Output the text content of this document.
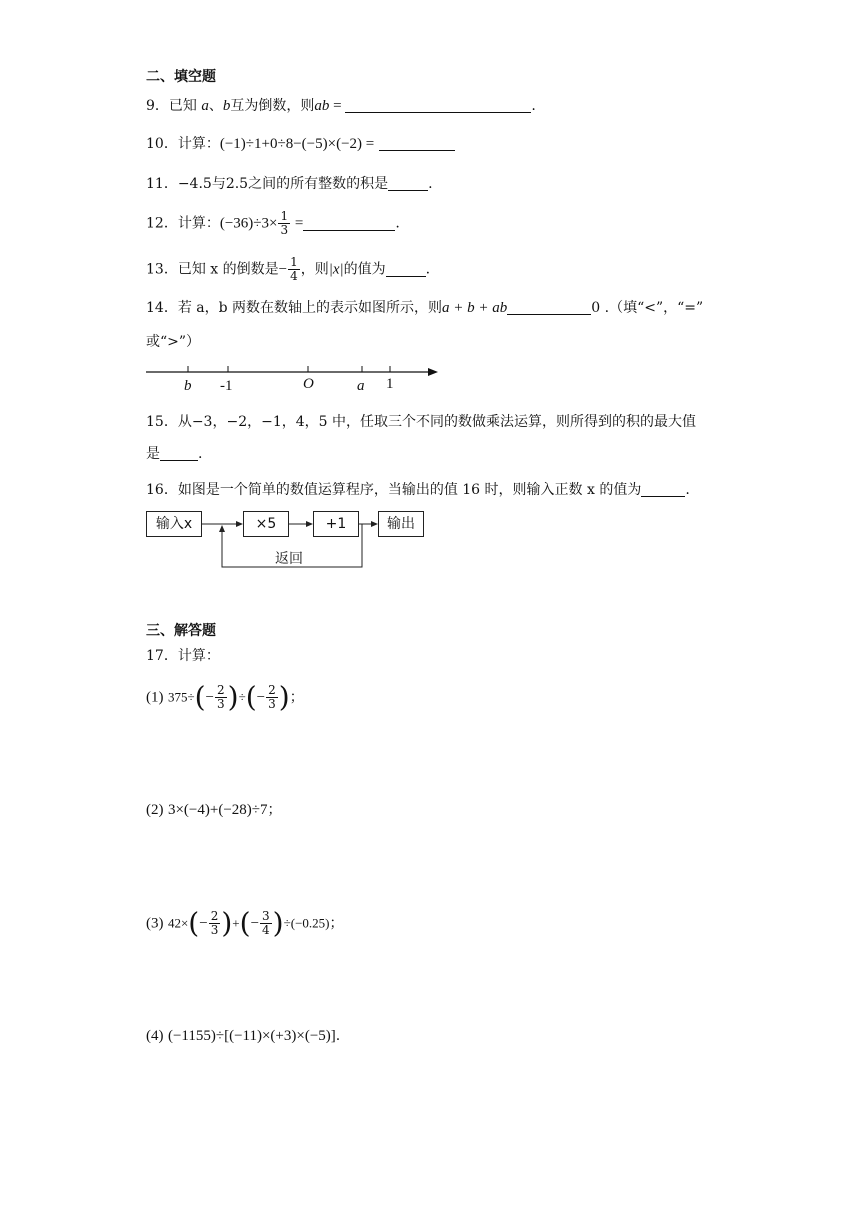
二、填空题
9．已知 a、b互为倒数，则ab =	.
10．计算：(−1)÷1+0÷8−(−5)×(−2) =
11．−4.5与2.5之间的所有整数的积是	.
12．计算：$(-36)\div 3\times \frac{1}{3}$ =	.
13．已知 x 的倒数是− $\frac{1}{4}$ ，则|x|的值为	.
14．若 a，b 两数在数轴上的表示如图所示，则a + b + ab	0 .（填“<”，“=”
或“>”）
b -1	O	a 1
15．从−3，−2，−1，4，5 中，任取三个不同的数做乘法运算，则所得到的积的最大值
是	.
16．如图是一个简单的数值运算程序，当输出的值 16 时，则输入正数 x 的值为	.
输入x	×5	+1	输出
返回
三、解答题
17．计算：
(1) $375\div(- \frac{2}{3}$ )÷(− $\frac{2}{3}$ )；
(2) 3×(−4)+(−28)÷7；
(3) $42\times(- \frac{2}{3}$ )+(− $\frac{3}{4} )\div(-0.25)$；
(4) (−1155)÷[(−11)×(+3)×(−5)].
